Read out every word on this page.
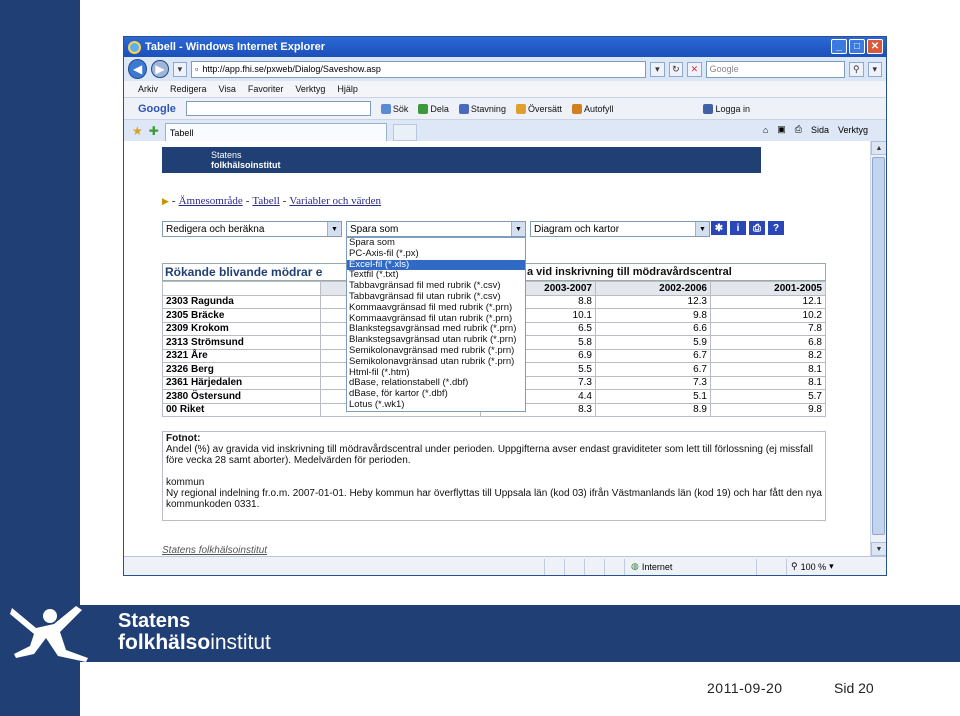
Statens
folkhälsoinstitut
2011-09-20	Sid 20
Tabell - Windows Internet Explorer	_	□	✕
◀	▶	▾	▫ http://app.fhi.se/pxweb/Dialog/Saveshow.asp	▾	↻	✕	Google	⚲	▾
Arkiv Redigera Visa Favoriter Verktyg Hjälp
Google	Sök Dela Stavning Översätt Autofyll	Logga in
★ ✚ Tabell	⌂ ▣ ⎙ Sida Verktyg
Statens
folkhälsoinstitut
▶ - Ämnesområde - Tabell - Variabler och värden
Redigera och beräkna	▼	Spara som	▼	Diagram och kartor	▼ ✱	i	⎙	?
Rökande blivande mödrar e	a vid inskrivning till mödravårdscentral
		2003-2007	2002-2006	2001-2005
2303 Ragunda		8.8	12.3	12.1
2305 Bräcke		10.1	9.8	10.2
2309 Krokom		6.5	6.6	7.8
2313 Strömsund		5.8	5.9	6.8
2321 Åre		6.9	6.7	8.2
2326 Berg		5.5	6.7	8.1
2361 Härjedalen		7.3	7.3	8.1
2380 Östersund		4.4	5.1	5.7
00 Riket		8.3	8.9	9.8
Fotnot:
Andel (%) av gravida vid inskrivning till mödravårdscentral under perioden. Uppgifterna avser endast graviditeter som lett till förlossning (ej missfall före vecka 28 samt aborter). Medelvärden för perioden.
kommun
Ny regional indelning fr.o.m. 2007-01-01. Heby kommun har överflyttas till Uppsala län (kod 03) ifrån Västmanlands län (kod 19) och har fått den nya kommunkoden 0331.
Statens folkhälsoinstitut
Spara som
PC-Axis-fil (*.px)
Excel-fil (*.xls)
Textfil (*.txt)
Tabbavgränsad fil med rubrik (*.csv)
Tabbavgränsad fil utan rubrik (*.csv)
Kommaavgränsad fil med rubrik (*.prn)
Kommaavgränsad fil utan rubrik (*.prn)
Blankstegsavgränsad med rubrik (*.prn)
Blankstegsavgränsad utan rubrik (*.prn)
Semikolonavgränsad med rubrik (*.prn)
Semikolonavgränsad utan rubrik (*.prn)
Html-fil (*.htm)
dBase, relationstabell (*.dbf)
dBase, för kartor (*.dbf)
Lotus (*.wk1)
▲
▼
◍ Internet	⚲ 100 % ▾
